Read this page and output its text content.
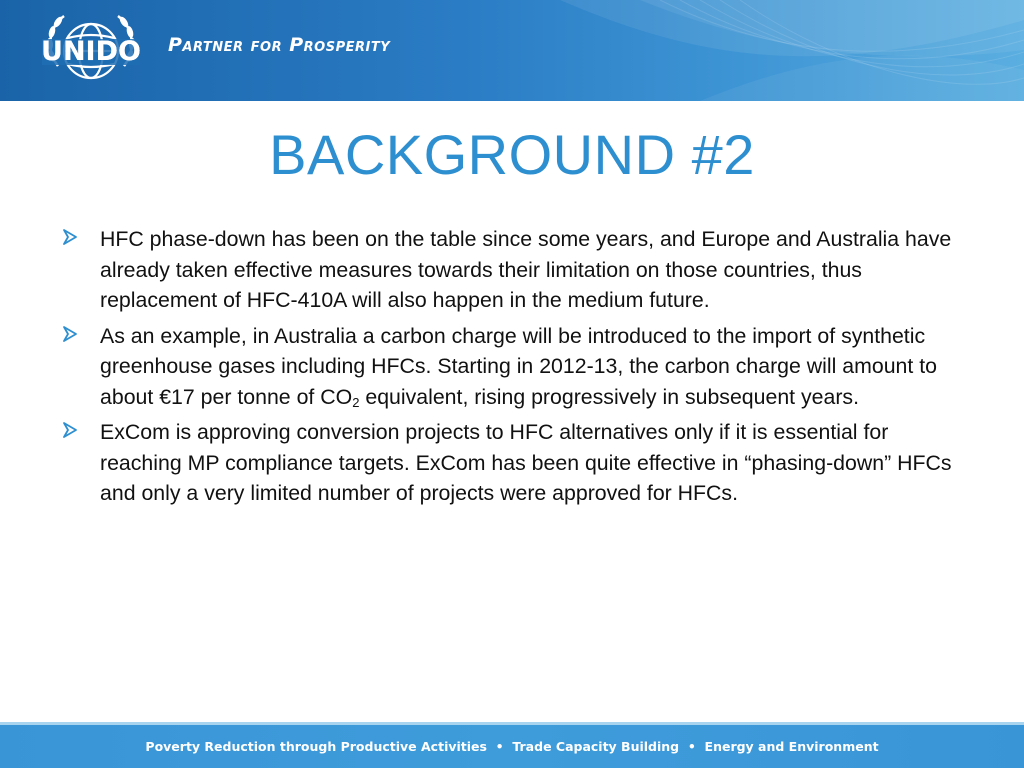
UNIDO Partner for Prosperity
BACKGROUND #2
HFC phase-down has been on the table since some years, and Europe and Australia have already taken effective measures towards their limitation on those countries, thus replacement of HFC-410A will also happen in the medium future.
As an example, in Australia a carbon charge will be introduced to the import of synthetic greenhouse gases including HFCs. Starting in 2012-13, the carbon charge will amount to about €17 per tonne of $CO_2$ equivalent, rising progressively in subsequent years.
ExCom is approving conversion projects to HFC alternatives only if it is essential for reaching MP compliance targets. ExCom has been quite effective in “phasing-down” HFCs and only a very limited number of projects were approved for HFCs.
Poverty Reduction through Productive Activities  •  Trade Capacity Building  •  Energy and Environment
